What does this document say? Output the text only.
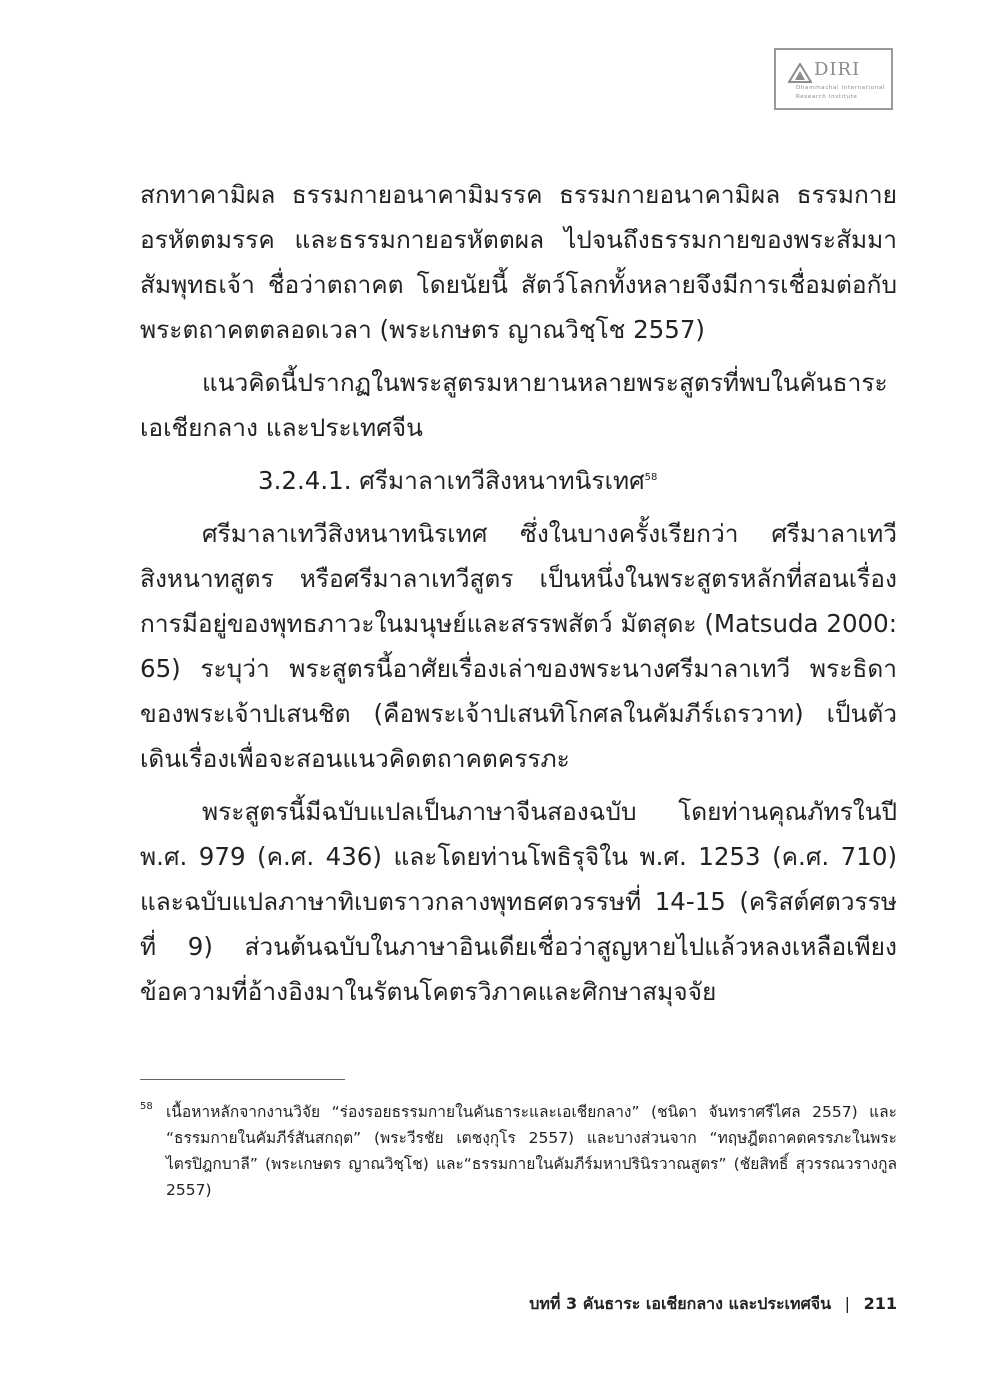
DIRI
Dhammachai International
Research Institute

สกทาคามิผล ธรรมกายอนาคามิมรรค ธรรมกายอนาคามิผล ธรรมกายอรหัตตมรรค และธรรมกายอรหัตตผล ไปจนถึงธรรมกายของพระสัมมาสัมพุทธเจ้า ชื่อว่าตถาคต โดยนัยนี้ สัตว์โลกทั้งหลายจึงมีการเชื่อมต่อกับพระตถาคตตลอดเวลา (พระเกษตร ญาณวิชฺโช 2557)

แนวคิดนี้ปรากฏในพระสูตรมหายานหลายพระสูตรที่พบในคันธาระ เอเชียกลาง และประเทศจีน

3.2.4.1. ศรีมาลาเทวีสิงหนาทนิรเทศ$^{58}$

ศรีมาลาเทวีสิงหนาทนิรเทศ ซึ่งในบางครั้งเรียกว่า ศรีมาลาเทวีสิงหนาทสูตร หรือศรีมาลาเทวีสูตร เป็นหนึ่งในพระสูตรหลักที่สอนเรื่องการมีอยู่ของพุทธภาวะในมนุษย์และสรรพสัตว์ มัตสุดะ (Matsuda 2000: 65) ระบุว่า พระสูตรนี้อาศัยเรื่องเล่าของพระนางศรีมาลาเทวี พระธิดาของพระเจ้าปเสนชิต (คือพระเจ้าปเสนทิโกศลในคัมภีร์เถรวาท) เป็นตัวเดินเรื่องเพื่อจะสอนแนวคิดตถาคตครรภะ

พระสูตรนี้มีฉบับแปลเป็นภาษาจีนสองฉบับ โดยท่านคุณภัทรในปี พ.ศ. 979 (ค.ศ. 436) และโดยท่านโพธิรุจิใน พ.ศ. 1253 (ค.ศ. 710) และฉบับแปลภาษาทิเบตราวกลางพุทธศตวรรษที่ 14-15 (คริสต์ศตวรรษที่ 9) ส่วนต้นฉบับในภาษาอินเดียเชื่อว่าสูญหายไปแล้วหลงเหลือเพียงข้อความที่อ้างอิงมาในรัตนโคตรวิภาคและศิกษาสมุจจัย

58 เนื้อหาหลักจากงานวิจัย “ร่องรอยธรรมกายในคันธาระและเอเชียกลาง” (ชนิดา จันทราศรีไศล 2557) และ “ธรรมกายในคัมภีร์สันสกฤต” (พระวีรชัย เตชงฺกุโร 2557) และบางส่วนจาก “ทฤษฎีตถาคตครรภะในพระไตรปิฎกบาลี” (พระเกษตร ญาณวิชฺโช) และ“ธรรมกายในคัมภีร์มหาปรินิรวาณสูตร” (ชัยสิทธิ์ สุวรรณวรางกูล 2557)

บทที่ 3 คันธาระ เอเชียกลาง และประเทศจีน | 211
